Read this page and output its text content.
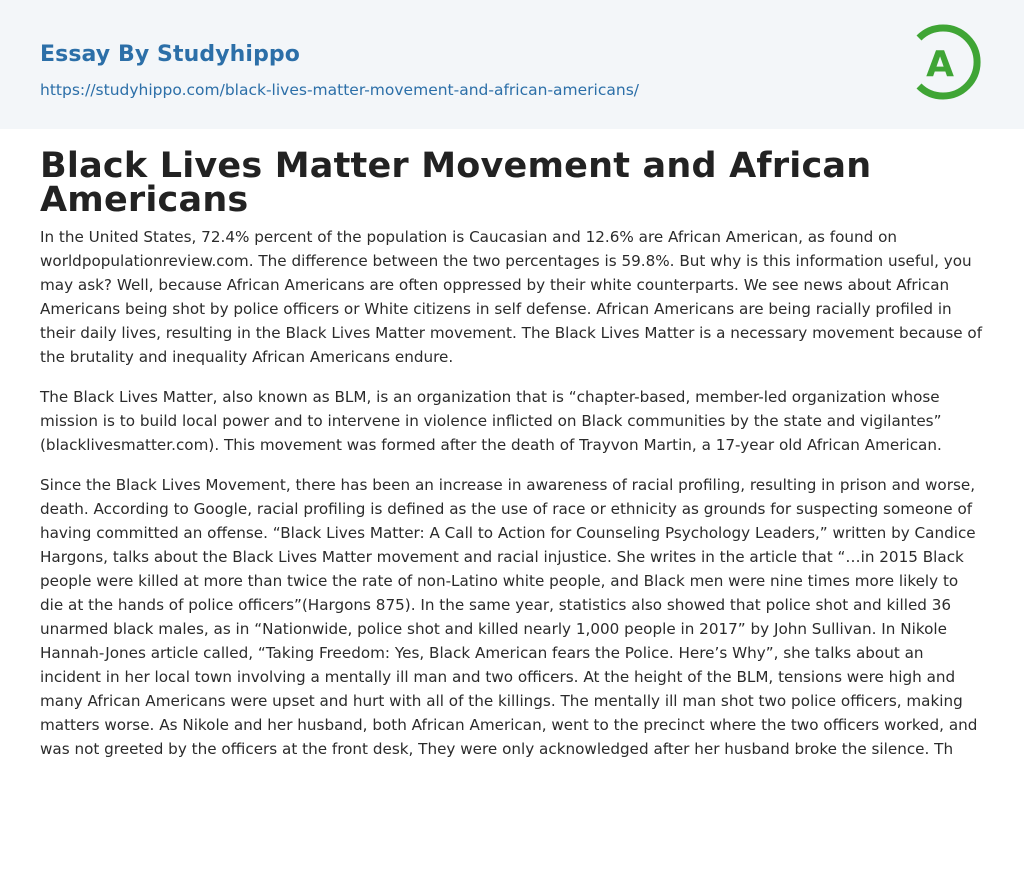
Essay By Studyhippo
https://studyhippo.com/black-lives-matter-movement-and-african-americans/
A
Black Lives Matter Movement and African Americans

In the United States, 72.4% percent of the population is Caucasian and 12.6% are African American, as found on worldpopulationreview.com. The difference between the two percentages is 59.8%. But why is this information useful, you may ask? Well, because African Americans are often oppressed by their white counterparts. We see news about African Americans being shot by police officers or White citizens in self defense. African Americans are being racially profiled in their daily lives, resulting in the Black Lives Matter movement. The Black Lives Matter is a necessary movement because of the brutality and inequality African Americans endure.

The Black Lives Matter, also known as BLM, is an organization that is “chapter-based, member-led organization whose mission is to build local power and to intervene in violence inflicted on Black communities by the state and vigilantes” (blacklivesmatter.com). This movement was formed after the death of Trayvon Martin, a 17-year old African American.

Since the Black Lives Movement, there has been an increase in awareness of racial profiling, resulting in prison and worse, death. According to Google, racial profiling is defined as the use of race or ethnicity as grounds for suspecting someone of having committed an offense. “Black Lives Matter: A Call to Action for Counseling Psychology Leaders,” written by Candice Hargons, talks about the Black Lives Matter movement and racial injustice. She writes in the article that “…in 2015 Black people were killed at more than twice the rate of non-Latino white people, and Black men were nine times more likely to die at the hands of police officers”(Hargons 875). In the same year, statistics also showed that police shot and killed 36 unarmed black males, as in “Nationwide, police shot and killed nearly 1,000 people in 2017” by John Sullivan. In Nikole Hannah-Jones article called, “Taking Freedom: Yes, Black American fears the Police. Here’s Why”, she talks about an incident in her local town involving a mentally ill man and two officers. At the height of the BLM, tensions were high and many African Americans were upset and hurt with all of the killings. The mentally ill man shot two police officers, making matters worse. As Nikole and her husband, both African American, went to the precinct where the two officers worked, and was not greeted by the officers at the front desk, They were only acknowledged after her husband broke the silence. Th
